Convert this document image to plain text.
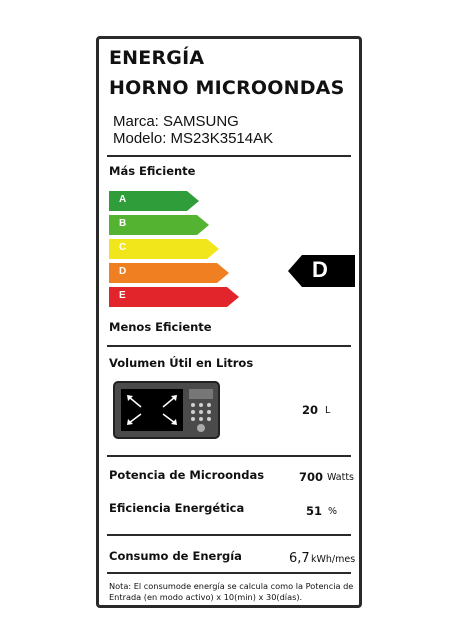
ENERGÍA
HORNO MICROONDAS
Marca: SAMSUNG
Modelo: MS23K3514AK
Más Eficiente
A
B
C
D
E
D
Menos Eficiente
Volumen Útil en Litros
20 L
Potencia de Microondas	700 Watts
Eficiencia Energética	51 %
Consumo de Energía	6,7 kWh/mes
Nota: El consumode energía se calcula como la Potencia de Entrada (en modo activo) x 10(min) x 30(días).
